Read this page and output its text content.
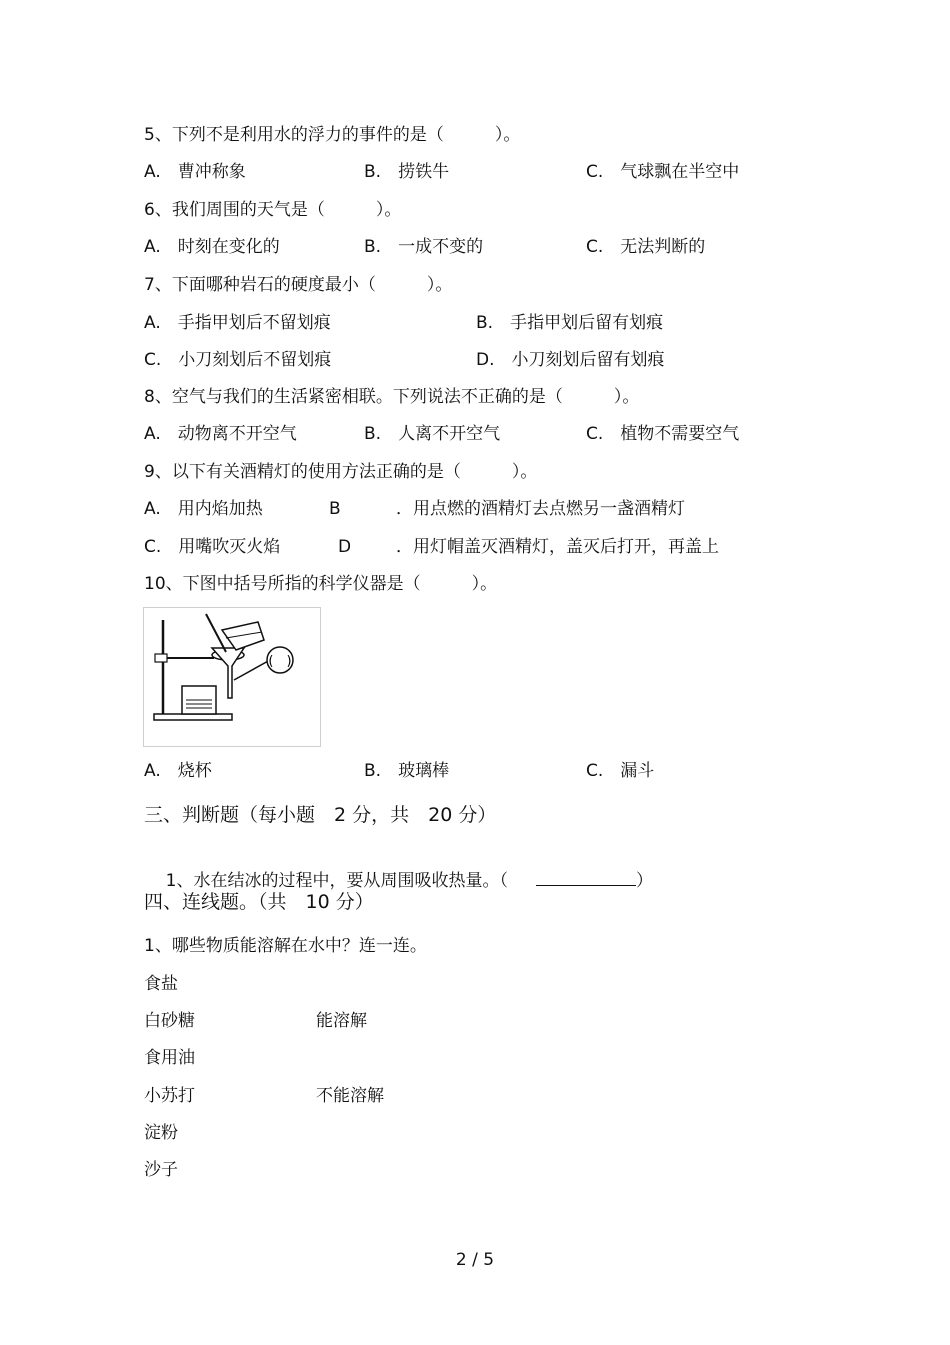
5、下列不是利用水的浮力的事件的是（　　　）。
A.　曹冲称象	B.　捞铁牛	C.　气球飘在半空中
6、我们周围的天气是（　　　）。
A.　时刻在变化的	B.　一成不变的	C.　无法判断的
7、下面哪种岩石的硬度最小（　　　）。
A.　手指甲划后不留划痕	B.　手指甲划后留有划痕
C.　小刀刻划后不留划痕	D.　小刀刻划后留有划痕
8、空气与我们的生活紧密相联。下列说法不正确的是（　　　）。
A.　动物离不开空气	B.　人离不开空气	C.　植物不需要空气
9、以下有关酒精灯的使用方法正确的是（　　　）。
A.　用内焰加热	B	．用点燃的酒精灯去点燃另一盏酒精灯
C.　用嘴吹灭火焰	D	．用灯帽盖灭酒精灯，盖灭后打开，再盖上
10、下图中括号所指的科学仪器是（　　　）。
(　)
A.　烧杯	B.　玻璃棒	C.　漏斗
三、判断题（每小题　2 分，共　20 分）

1、水在结冰的过程中，要从周围吸收热量。（	）

四、连线题。（共　10 分）
1、哪些物质能溶解在水中？连一连。
食盐
白砂糖
食用油
小苏打
淀粉
沙子
能溶解
不能溶解
2 / 5
